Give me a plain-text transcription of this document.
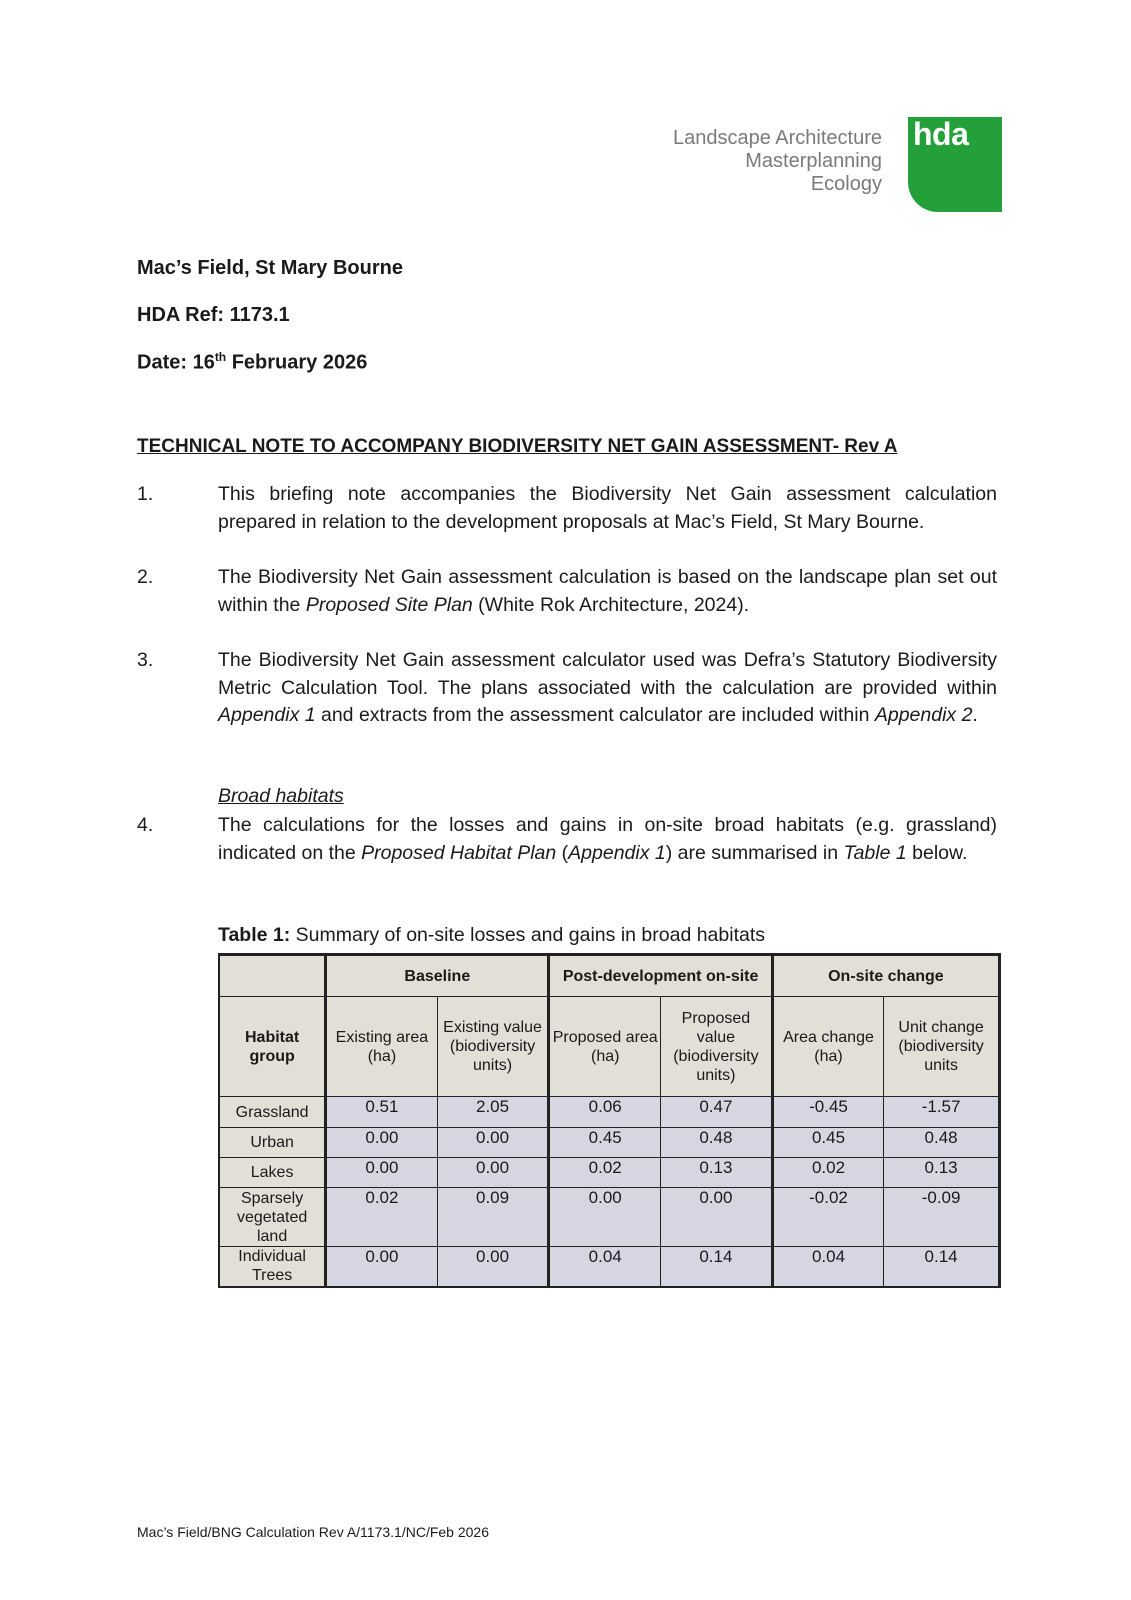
Landscape Architecture
Masterplanning
Ecology
hda
Mac’s Field, St Mary Bourne
HDA Ref: 1173.1
Date: 16th February 2026
TECHNICAL NOTE TO ACCOMPANY BIODIVERSITY NET GAIN ASSESSMENT- Rev A
1.	This briefing note accompanies the Biodiversity Net Gain assessment calculation prepared in relation to the development proposals at Mac’s Field, St Mary Bourne.
2.	The Biodiversity Net Gain assessment calculation is based on the landscape plan set out within the Proposed Site Plan (White Rok Architecture, 2024).
3.	The Biodiversity Net Gain assessment calculator used was Defra’s Statutory Biodiversity Metric Calculation Tool. The plans associated with the calculation are provided within Appendix 1 and extracts from the assessment calculator are included within Appendix 2.
Broad habitats
4.	The calculations for the losses and gains in on-site broad habitats (e.g. grassland) indicated on the Proposed Habitat Plan (Appendix 1) are summarised in Table 1 below.
Table 1: Summary of on-site losses and gains in broad habitats
	Baseline		Post-development on-site		On-site change	
Habitat group	Existing area (ha)	Existing value (biodiversity units)	Proposed area (ha)	Proposed value (biodiversity units)	Area change (ha)	Unit change (biodiversity units
Grassland	0.51	2.05	0.06	0.47	-0.45	-1.57
Urban	0.00	0.00	0.45	0.48	0.45	0.48
Lakes	0.00	0.00	0.02	0.13	0.02	0.13
Sparsely vegetated land	0.02	0.09	0.00	0.00	-0.02	-0.09
Individual Trees	0.00	0.00	0.04	0.14	0.04	0.14
Mac’s Field/BNG Calculation Rev A/1173.1/NC/Feb 2026
